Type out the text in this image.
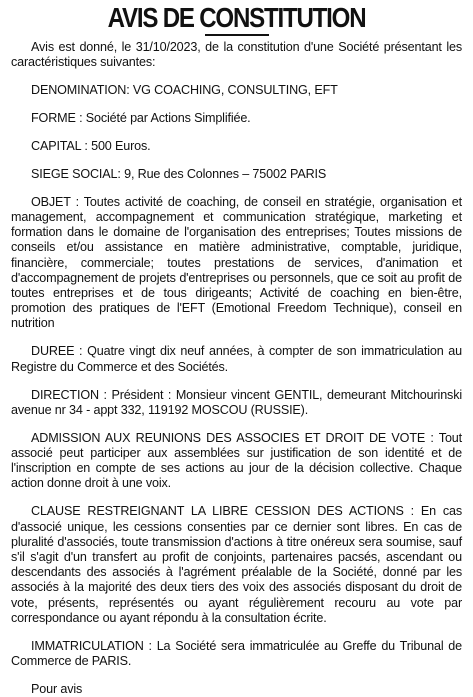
AVIS DE CONSTITUTION

Avis est donné, le 31/10/2023, de la constitution d'une Société présentant les caractéristiques suivantes:

DENOMINATION: VG COACHING, CONSULTING, EFT

FORME : Société par Actions Simplifiée.

CAPITAL : 500 Euros.

SIEGE SOCIAL: 9, Rue des Colonnes – 75002 PARIS

OBJET : Toutes activité de coaching, de conseil en stratégie, organisation et management, accompagnement et communication stratégique, marketing et formation dans le domaine de l'organisation des entreprises; Toutes missions de conseils et/ou assistance en matière administrative, comptable, juridique, financière, commerciale; toutes prestations de services, d'animation et d'accompagnement de projets d'entreprises ou personnels, que ce soit au profit de toutes entreprises et de tous dirigeants; Activité de coaching en bien-être, promotion des pratiques de l'EFT (Emotional Freedom Technique), conseil en nutrition

DUREE : Quatre vingt dix neuf années, à compter de son immatriculation au Registre du Commerce et des Sociétés.

DIRECTION : Président : Monsieur vincent GENTIL, demeurant Mitchourinski avenue nr 34 - appt 332, 119192 MOSCOU (RUSSIE).

ADMISSION AUX REUNIONS DES ASSOCIES ET DROIT DE VOTE : Tout associé peut participer aux assemblées sur justification de son identité et de l'inscription en compte de ses actions au jour de la décision collective. Chaque action donne droit à une voix.

CLAUSE RESTREIGNANT LA LIBRE CESSION DES ACTIONS : En cas d'associé unique, les cessions consenties par ce dernier sont libres. En cas de pluralité d'associés, toute transmission d'actions à titre onéreux sera soumise, sauf s'il s'agit d'un transfert au profit de conjoints, partenaires pacsés, ascendant ou descendants des associés à l'agrément préalable de la Société, donné par les associés à la majorité des deux tiers des voix des associés disposant du droit de vote, présents, représentés ou ayant régulièrement recouru au vote par correspondance ou ayant répondu à la consultation écrite.

IMMATRICULATION : La Société sera immatriculée au Greffe du Tribunal de Commerce de PARIS.

Pour avis
